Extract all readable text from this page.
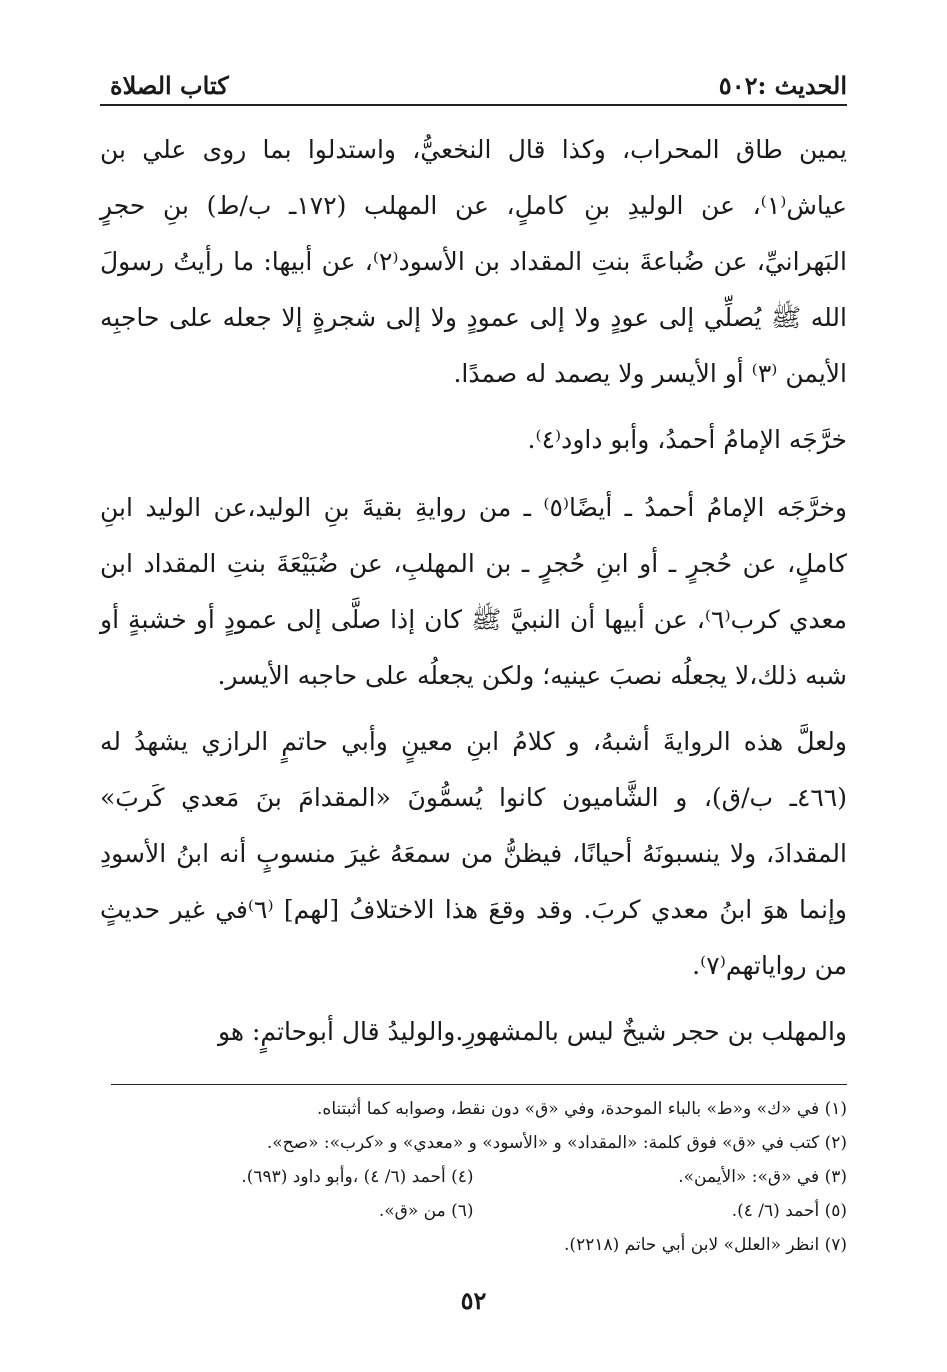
الحديث :٥٠٢
كتاب الصلاة

يمين طاق المحراب، وكذا قال النخعيُّ، واستدلوا بما روى علي بن عياش⁽١⁾، عن الوليدِ بنِ كاملٍ، عن المهلب (١٧٢ـ ب/ط) بنِ حجرٍ البَهرانيِّ، عن ضُباعةَ بنتِ المقداد بن الأسود⁽٢⁾، عن أبيها: ما رأيتُ رسولَ الله ﷺ يُصلِّي إلى عودٍ ولا إلى عمودٍ ولا إلى شجرةٍ إلا جعله على حاجبِه الأيمن ⁽٣⁾ أو الأيسر ولا يصمد له صمدًا.

خرَّجَه الإمامُ أحمدُ، وأبو داود⁽٤⁾.

وخرَّجَه الإمامُ أحمدُ ـ أيضًا⁽٥⁾ ـ من روايةِ بقيةَ بنِ الوليد،عن الوليد ابنِ كاملٍ، عن حُجرٍ ـ أو ابنِ حُجرٍ ـ بن المهلبِ، عن ضُبَيْعَةَ بنتِ المقداد ابن معدي كرب⁽٦⁾، عن أبيها أن النبيَّ ﷺ كان إذا صلَّى إلى عمودٍ أو خشبةٍ أو شبه ذلك،لا يجعلُه نصبَ عينيه؛ ولكن يجعلُه على حاجبه الأيسر.

ولعلَّ هذه الروايةَ أشبهُ، و كلامُ ابنِ معينٍ وأبي حاتمٍ الرازي يشهدُ له (٤٦٦ـ ب/ق)، و الشَّاميون كانوا يُسمُّونَ «المقدامَ بنَ مَعدي كَربَ» المقدادَ، ولا ينسبونَهُ أحيانًا، فيظنُّ من سمعَهُ غيرَ منسوبٍ أنه ابنُ الأسودِ وإنما هوَ ابنُ معدي كربَ. وقد وقعَ هذا الاختلافُ [لهم] ⁽٦⁾في غير حديثٍ من رواياتهم⁽٧⁾.

والمهلب بن حجر شيخٌ ليس بالمشهورِ.والوليدُ قال أبوحاتمٍ: هو

(١) في «ك» و«ط» بالباء الموحدة، وفي «ق» دون نقط، وصوابه كما أثبتناه.
(٢) كتب في «ق» فوق كلمة: «المقداد» و «الأسود» و «معدي» و «كرب»: «صح».
(٣) في «ق»: «الأيمن».
(٤) أحمد (٦/ ٤) ،وأبو داود (٦٩٣).
(٥) أحمد (٦/ ٤).
(٦) من «ق».
(٧) انظر «العلل» لابن أبي حاتم (٢٢١٨).
٥٢
